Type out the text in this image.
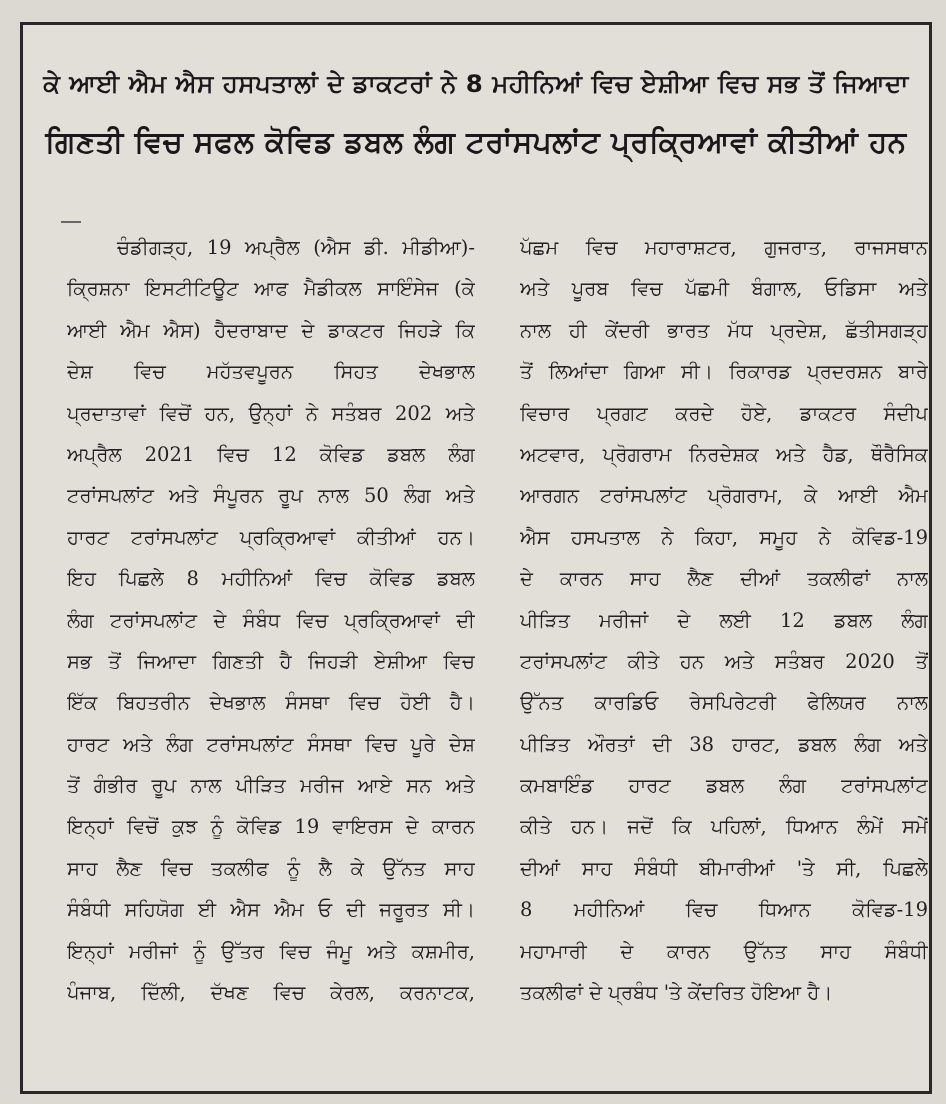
ਕੇ ਆਈ ਐਮ ਐਸ ਹਸਪਤਾਲਾਂ ਦੇ ਡਾਕਟਰਾਂ ਨੇ 8 ਮਹੀਨਿਆਂ ਵਿਚ ਏਸ਼ੀਆ ਵਿਚ ਸਭ ਤੋਂ ਜਿਆਦਾ
ਗਿਣਤੀ ਵਿਚ ਸਫਲ ਕੋਵਿਡ ਡਬਲ ਲੰਗ ਟਰਾਂਸਪਲਾਂਟ ਪ੍ਰਕ੍ਰਿਆਵਾਂ ਕੀਤੀਆਂ ਹਨ
ਚੰਡੀਗੜ੍ਹ, 19 ਅਪ੍ਰੈਲ (ਐਸ ਡੀ. ਮੀਡੀਆ)-
ਕ੍ਰਿਸ਼ਨਾ ਇਸਟੀਟਿਊਟ ਆਫ ਮੈਡੀਕਲ ਸਾਇੰਸੇਜ (ਕੇ
ਆਈ ਐਮ ਐਸ) ਹੈਦਰਾਬਾਦ ਦੇ ਡਾਕਟਰ ਜਿਹੜੇ ਕਿ
ਦੇਸ਼ ਵਿਚ ਮਹੱਤਵਪੂਰਨ ਸਿਹਤ ਦੇਖਭਾਲ
ਪ੍ਰਦਾਤਾਵਾਂ ਵਿਚੋਂ ਹਨ, ਉਨ੍ਹਾਂ ਨੇ ਸਤੰਬਰ 202 ਅਤੇ
ਅਪ੍ਰੈਲ 2021 ਵਿਚ 12 ਕੋਵਿਡ ਡਬਲ ਲੰਗ
ਟਰਾਂਸਪਲਾਂਟ ਅਤੇ ਸੰਪੂਰਨ ਰੂਪ ਨਾਲ 50 ਲੰਗ ਅਤੇ
ਹਾਰਟ ਟਰਾਂਸਪਲਾਂਟ ਪ੍ਰਕ੍ਰਿਆਵਾਂ ਕੀਤੀਆਂ ਹਨ।
ਇਹ ਪਿਛਲੇ 8 ਮਹੀਨਿਆਂ ਵਿਚ ਕੋਵਿਡ ਡਬਲ
ਲੰਗ ਟਰਾਂਸਪਲਾਂਟ ਦੇ ਸੰਬੰਧ ਵਿਚ ਪ੍ਰਕ੍ਰਿਆਵਾਂ ਦੀ
ਸਭ ਤੋਂ ਜਿਆਦਾ ਗਿਣਤੀ ਹੈ ਜਿਹੜੀ ਏਸ਼ੀਆ ਵਿਚ
ਇੱਕ ਬਿਹਤਰੀਨ ਦੇਖਭਾਲ ਸੰਸਥਾ ਵਿਚ ਹੋਈ ਹੈ।
ਹਾਰਟ ਅਤੇ ਲੰਗ ਟਰਾਂਸਪਲਾਂਟ ਸੰਸਥਾ ਵਿਚ ਪੂਰੇ ਦੇਸ਼
ਤੋਂ ਗੰਭੀਰ ਰੂਪ ਨਾਲ ਪੀੜਿਤ ਮਰੀਜ ਆਏ ਸਨ ਅਤੇ
ਇਨ੍ਹਾਂ ਵਿਚੋਂ ਕੁਝ ਨੂੰ ਕੋਵਿਡ 19 ਵਾਇਰਸ ਦੇ ਕਾਰਨ
ਸਾਹ ਲੈਣ ਵਿਚ ਤਕਲੀਫ ਨੂੰ ਲੈ ਕੇ ਉੱਨਤ ਸਾਹ
ਸੰਬੰਧੀ ਸਹਿਯੋਗ ਈ ਐਸ ਐਮ ਓ ਦੀ ਜਰੂਰਤ ਸੀ।
ਇਨ੍ਹਾਂ ਮਰੀਜਾਂ ਨੂੰ ਉੱਤਰ ਵਿਚ ਜੰਮੂ ਅਤੇ ਕਸ਼ਮੀਰ,
ਪੰਜਾਬ, ਦਿੱਲੀ, ਦੱਖਣ ਵਿਚ ਕੇਰਲ, ਕਰਨਾਟਕ,
ਪੱਛਮ ਵਿਚ ਮਹਾਰਾਸ਼ਟਰ, ਗੁਜਰਾਤ, ਰਾਜਸਥਾਨ
ਅਤੇ ਪੂਰਬ ਵਿਚ ਪੱਛਮੀ ਬੰਗਾਲ, ਓਡਿਸਾ ਅਤੇ
ਨਾਲ ਹੀ ਕੇਂਦਰੀ ਭਾਰਤ ਮੱਧ ਪ੍ਰਦੇਸ਼, ਛੱਤੀਸਗੜ੍ਹ
ਤੋਂ ਲਿਆਂਦਾ ਗਿਆ ਸੀ। ਰਿਕਾਰਡ ਪ੍ਰਦਰਸ਼ਨ ਬਾਰੇ
ਵਿਚਾਰ ਪ੍ਰਗਟ ਕਰਦੇ ਹੋਏ, ਡਾਕਟਰ ਸੰਦੀਪ
ਅਟਵਾਰ, ਪ੍ਰੋਗਰਾਮ ਨਿਰਦੇਸ਼ਕ ਅਤੇ ਹੈਡ, ਥੌਰੈਸਿਕ
ਆਰਗਨ ਟਰਾਂਸਪਲਾਂਟ ਪ੍ਰੋਗਰਾਮ, ਕੇ ਆਈ ਐਮ
ਐਸ ਹਸਪਤਾਲ ਨੇ ਕਿਹਾ, ਸਮੂਹ ਨੇ ਕੋਵਿਡ-19
ਦੇ ਕਾਰਨ ਸਾਹ ਲੈਣ ਦੀਆਂ ਤਕਲੀਫਾਂ ਨਾਲ
ਪੀੜਿਤ ਮਰੀਜਾਂ ਦੇ ਲਈ 12 ਡਬਲ ਲੰਗ
ਟਰਾਂਸਪਲਾਂਟ ਕੀਤੇ ਹਨ ਅਤੇ ਸਤੰਬਰ 2020 ਤੋਂ
ਉੱਨਤ ਕਾਰਡਿਓ ਰੇਸਪਿਰੇਟਰੀ ਫੇਲਿਯਰ ਨਾਲ
ਪੀੜਿਤ ਔਰਤਾਂ ਦੀ 38 ਹਾਰਟ, ਡਬਲ ਲੰਗ ਅਤੇ
ਕਮਬਾਇੰਡ ਹਾਰਟ ਡਬਲ ਲੰਗ ਟਰਾਂਸਪਲਾਂਟ
ਕੀਤੇ ਹਨ। ਜਦੋਂ ਕਿ ਪਹਿਲਾਂ, ਧਿਆਨ ਲੰਮੇਂ ਸਮੇਂ
ਦੀਆਂ ਸਾਹ ਸੰਬੰਧੀ ਬੀਮਾਰੀਆਂ 'ਤੇ ਸੀ, ਪਿਛਲੇ
8 ਮਹੀਨਿਆਂ ਵਿਚ ਧਿਆਨ ਕੋਵਿਡ-19
ਮਹਾਮਾਰੀ ਦੇ ਕਾਰਨ ਉੱਨਤ ਸਾਹ ਸੰਬੰਧੀ
ਤਕਲੀਫਾਂ ਦੇ ਪ੍ਰਬੰਧ 'ਤੇ ਕੇਂਦਰਿਤ ਹੋਇਆ ਹੈ।
